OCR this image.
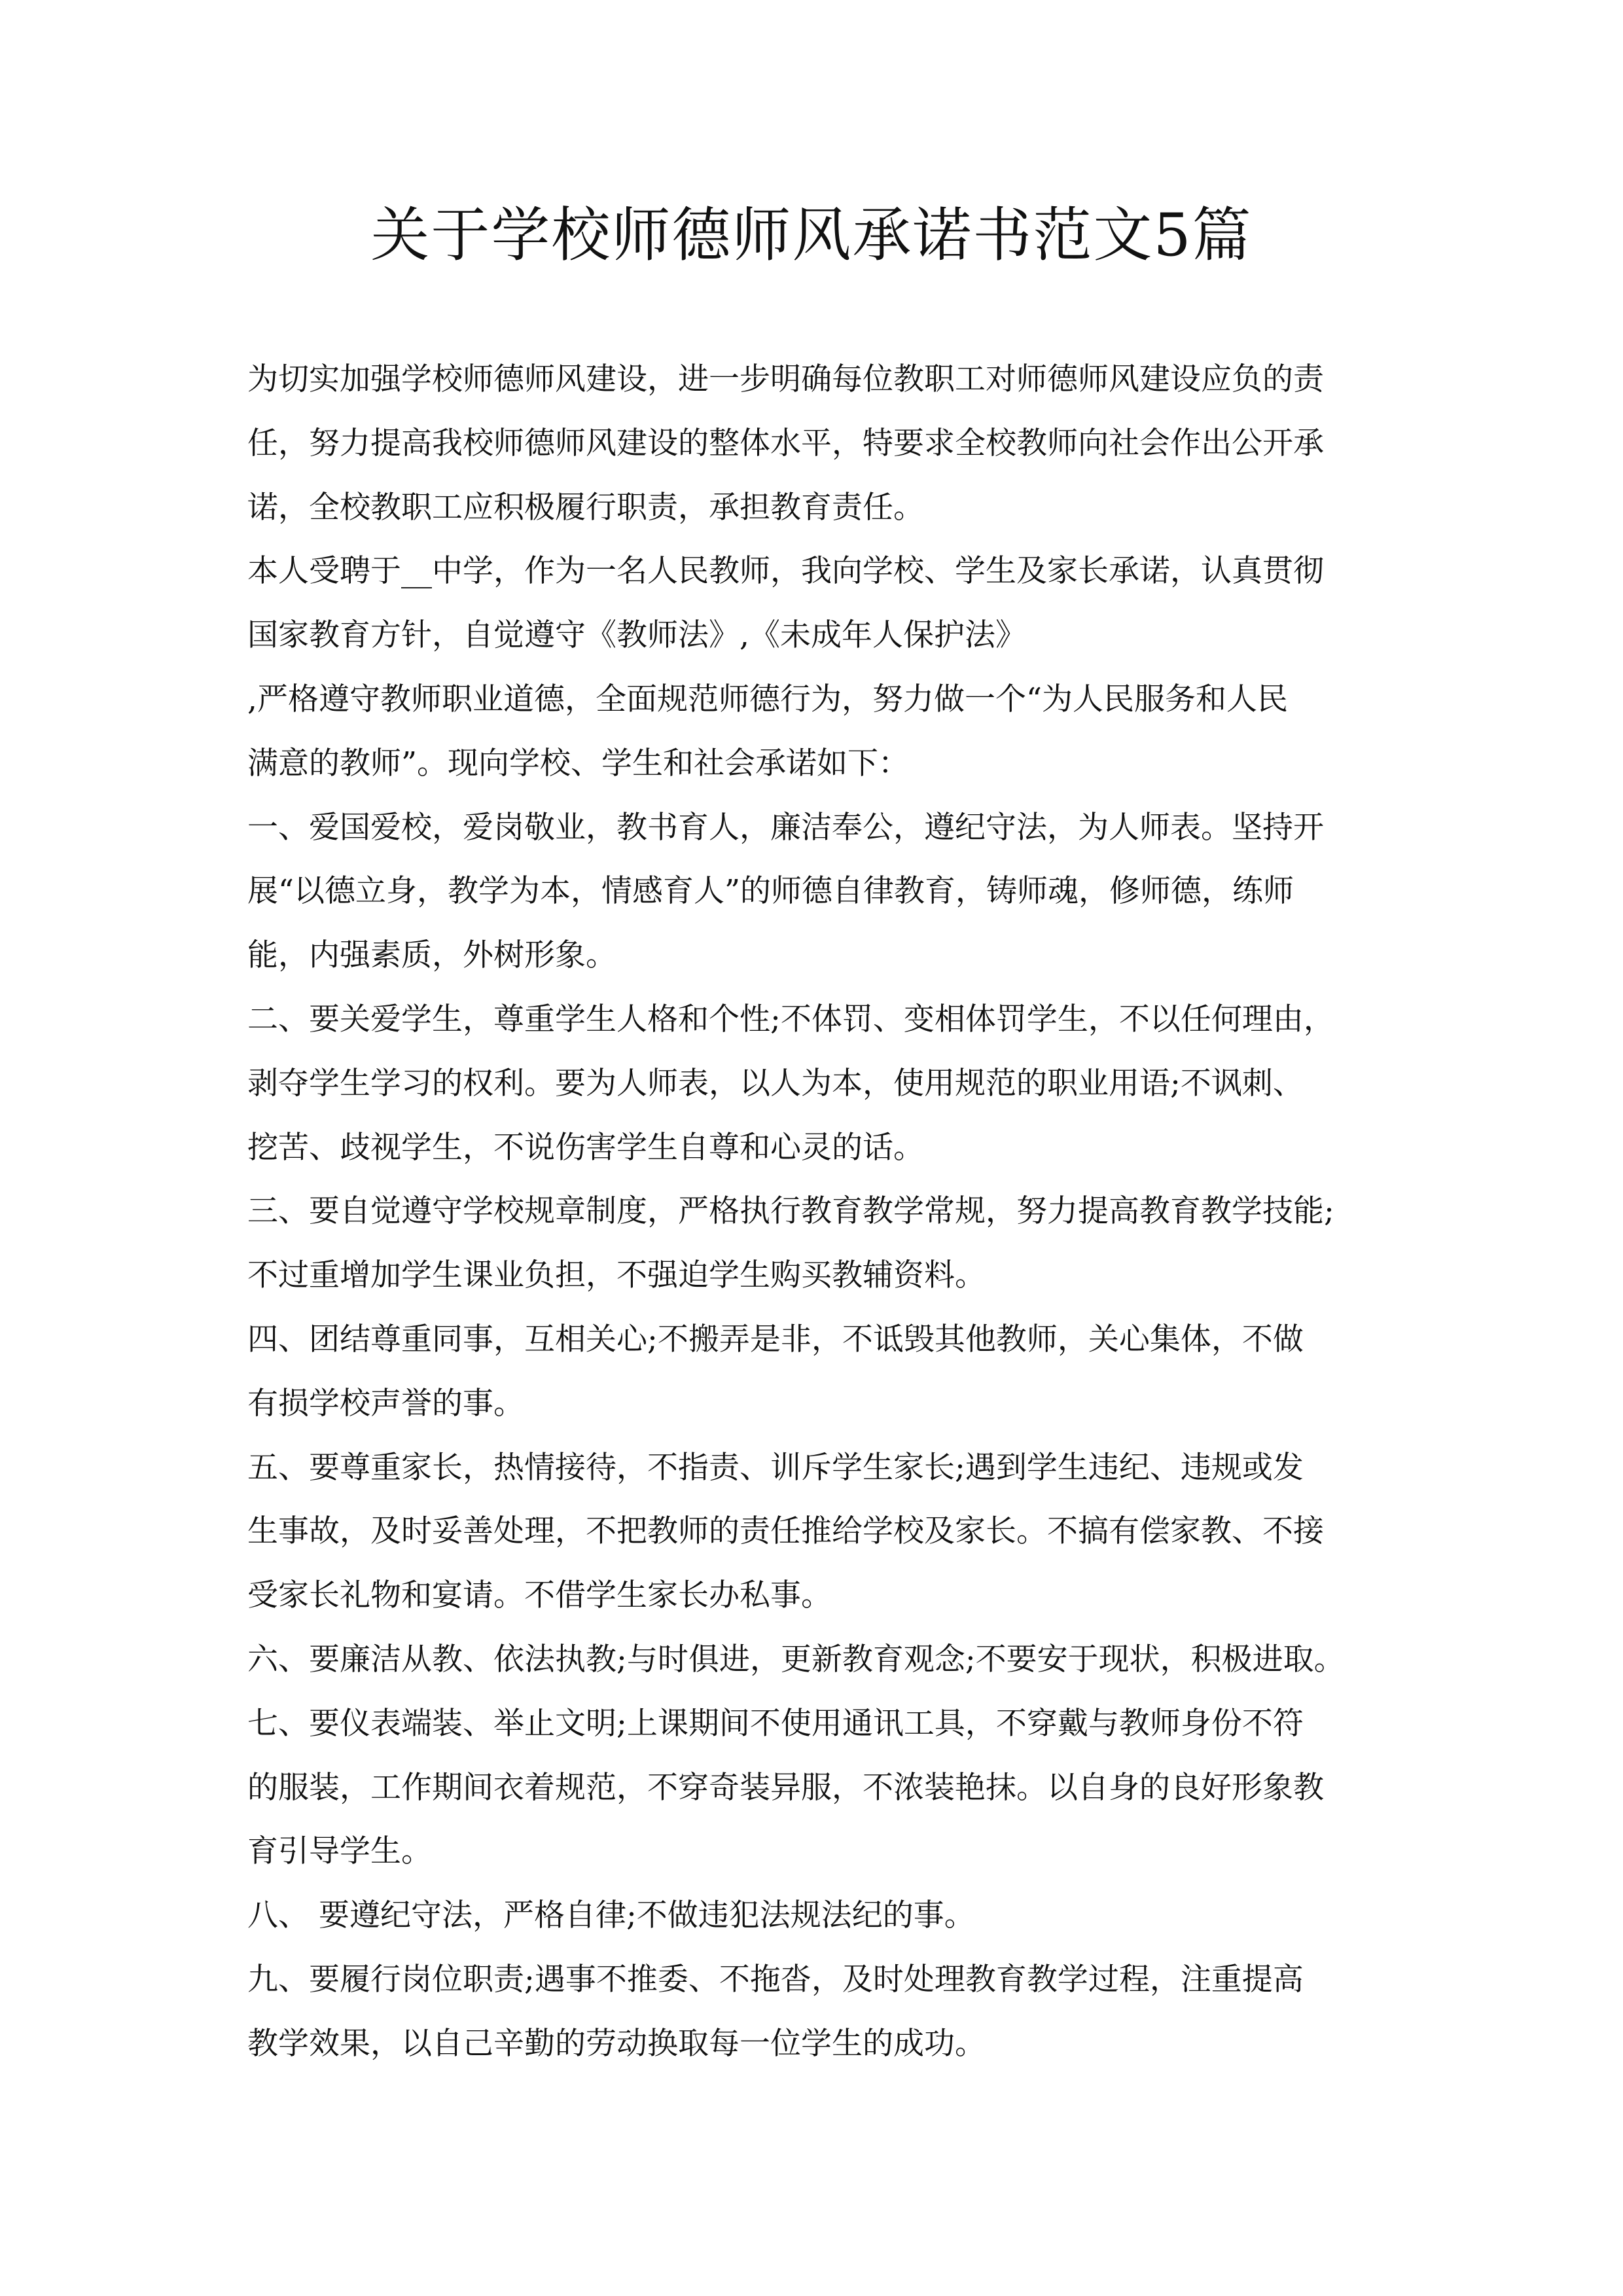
关于学校师德师风承诺书范文5篇
为切实加强学校师德师风建设，进一步明确每位教职工对师德师风建设应负的责
任，努力提高我校师德师风建设的整体水平，特要求全校教师向社会作出公开承
诺，全校教职工应积极履行职责，承担教育责任。
本人受聘于__中学，作为一名人民教师，我向学校、学生及家长承诺，认真贯彻
国家教育方针，自觉遵守《教师法》,《未成年人保护法》
,严格遵守教师职业道德，全面规范师德行为，努力做一个“为人民服务和人民
满意的教师”。现向学校、学生和社会承诺如下：
一、爱国爱校，爱岗敬业，教书育人，廉洁奉公，遵纪守法，为人师表。坚持开
展“以德立身，教学为本，情感育人”的师德自律教育，铸师魂，修师德，练师
能，内强素质，外树形象。
二、要关爱学生，尊重学生人格和个性;不体罚、变相体罚学生，不以任何理由，
剥夺学生学习的权利。要为人师表，以人为本，使用规范的职业用语;不讽刺、
挖苦、歧视学生，不说伤害学生自尊和心灵的话。
三、要自觉遵守学校规章制度，严格执行教育教学常规，努力提高教育教学技能;
不过重增加学生课业负担，不强迫学生购买教辅资料。
四、团结尊重同事，互相关心;不搬弄是非，不诋毁其他教师，关心集体，不做
有损学校声誉的事。
五、要尊重家长，热情接待，不指责、训斥学生家长;遇到学生违纪、违规或发
生事故，及时妥善处理，不把教师的责任推给学校及家长。不搞有偿家教、不接
受家长礼物和宴请。不借学生家长办私事。
六、要廉洁从教、依法执教;与时俱进，更新教育观念;不要安于现状，积极进取。
七、要仪表端装、举止文明;上课期间不使用通讯工具，不穿戴与教师身份不符
的服装，工作期间衣着规范，不穿奇装异服，不浓装艳抹。以自身的良好形象教
育引导学生。
八、 要遵纪守法，严格自律;不做违犯法规法纪的事。
九、要履行岗位职责;遇事不推委、不拖沓，及时处理教育教学过程，注重提高
教学效果，以自己辛勤的劳动换取每一位学生的成功。
